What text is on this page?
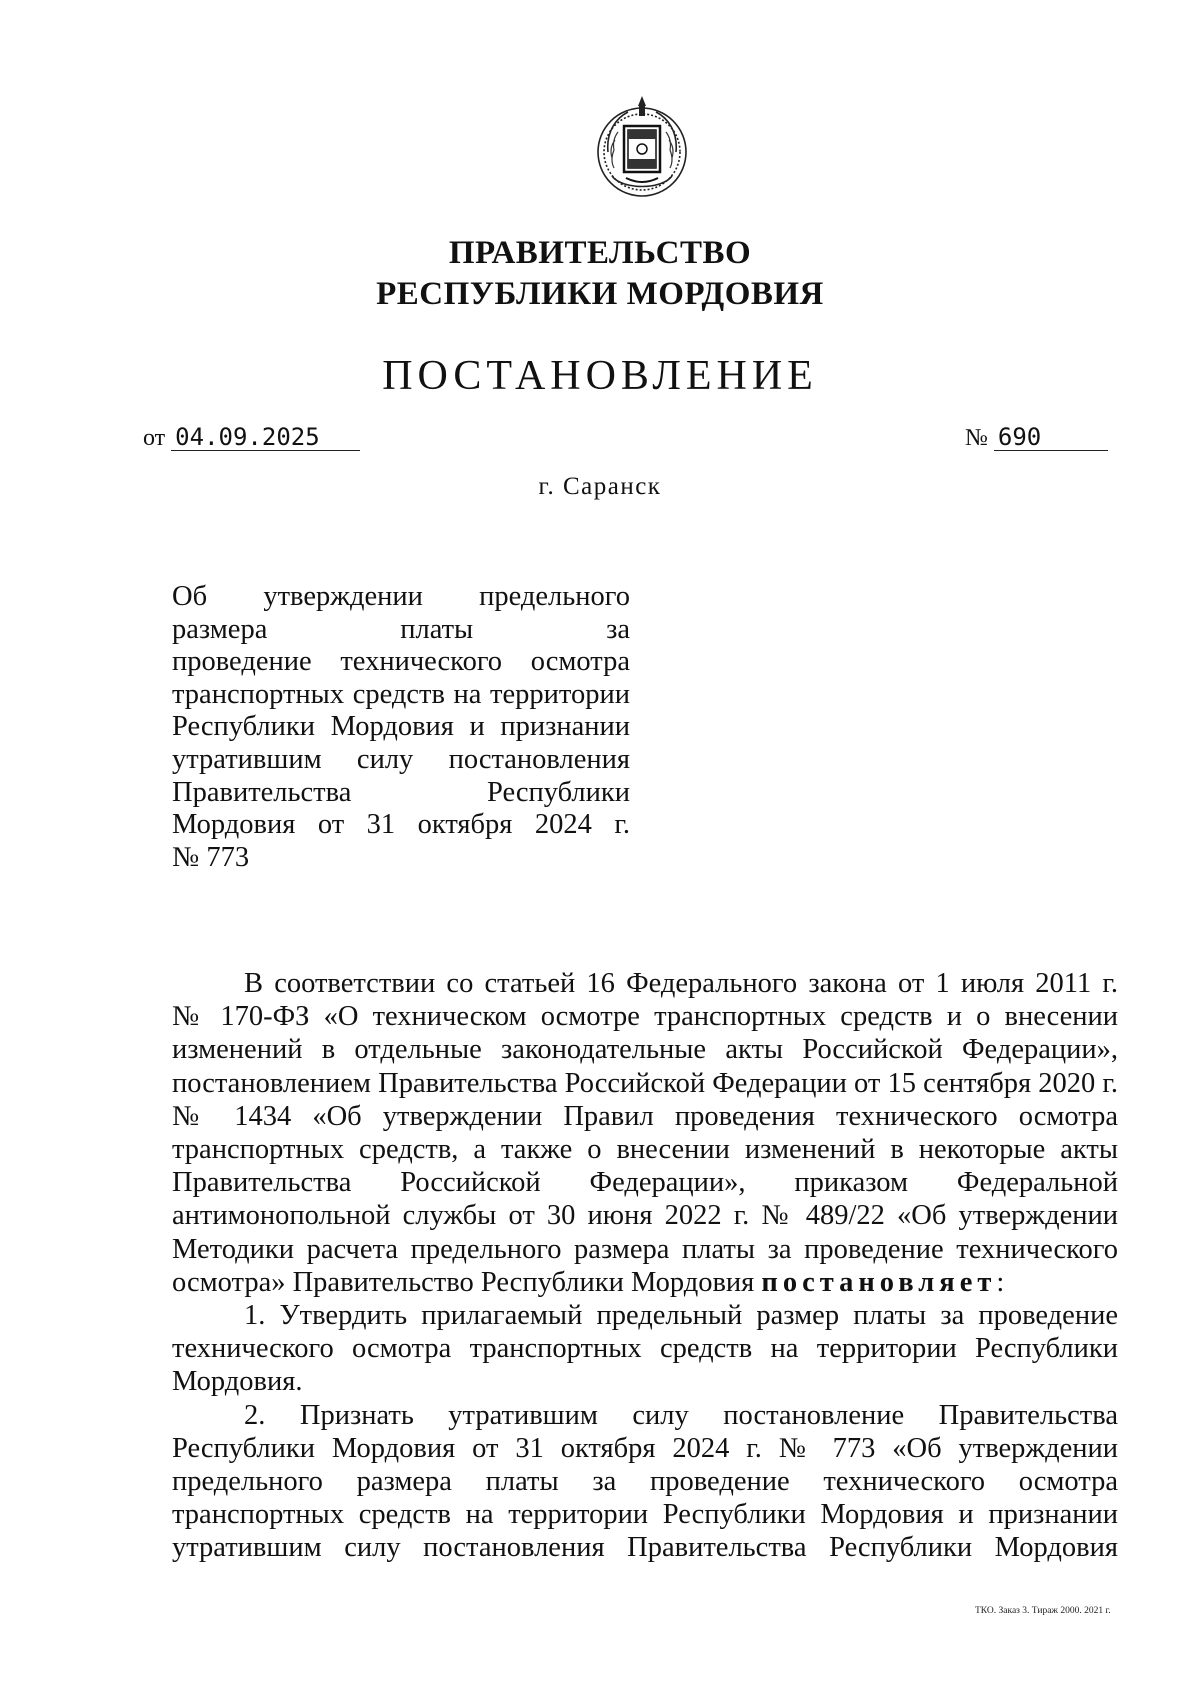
ПРАВИТЕЛЬСТВО
РЕСПУБЛИКИ МОРДОВИЯ
ПОСТАНОВЛЕНИЕ
от 04.09.2025	№ 690
г. Саранск
Об утверждении предельного
размера платы за
проведение технического осмотра
транспортных средств на территории
Республики Мордовия и признании
утратившим силу постановления
Правительства Республики
Мордовия от 31 октября 2024 г.
№ 773

В соответствии со статьей 16 Федерального закона от 1 июля 2011 г.
№ 170-ФЗ «О техническом осмотре транспортных средств и о внесении
изменений в отдельные законодательные акты Российской Федерации»,
постановлением Правительства Российской Федерации от 15 сентября 2020 г.
№ 1434 «Об утверждении Правил проведения технического осмотра
транспортных средств, а также о внесении изменений в некоторые акты
Правительства Российской Федерации», приказом Федеральной
антимонопольной службы от 30 июня 2022 г. № 489/22 «Об утверждении
Методики расчета предельного размера платы за проведение технического
осмотра» Правительство Республики Мордовия постановляет:

1. Утвердить прилагаемый предельный размер платы за проведение
технического осмотра транспортных средств на территории Республики
Мордовия.

2. Признать утратившим силу постановление Правительства
Республики Мордовия от 31 октября 2024 г. № 773 «Об утверждении
предельного размера платы за проведение технического осмотра
транспортных средств на территории Республики Мордовия и признании
утратившим силу постановления Правительства Республики Мордовия

ТКО. Заказ 3. Тираж 2000. 2021 г.
